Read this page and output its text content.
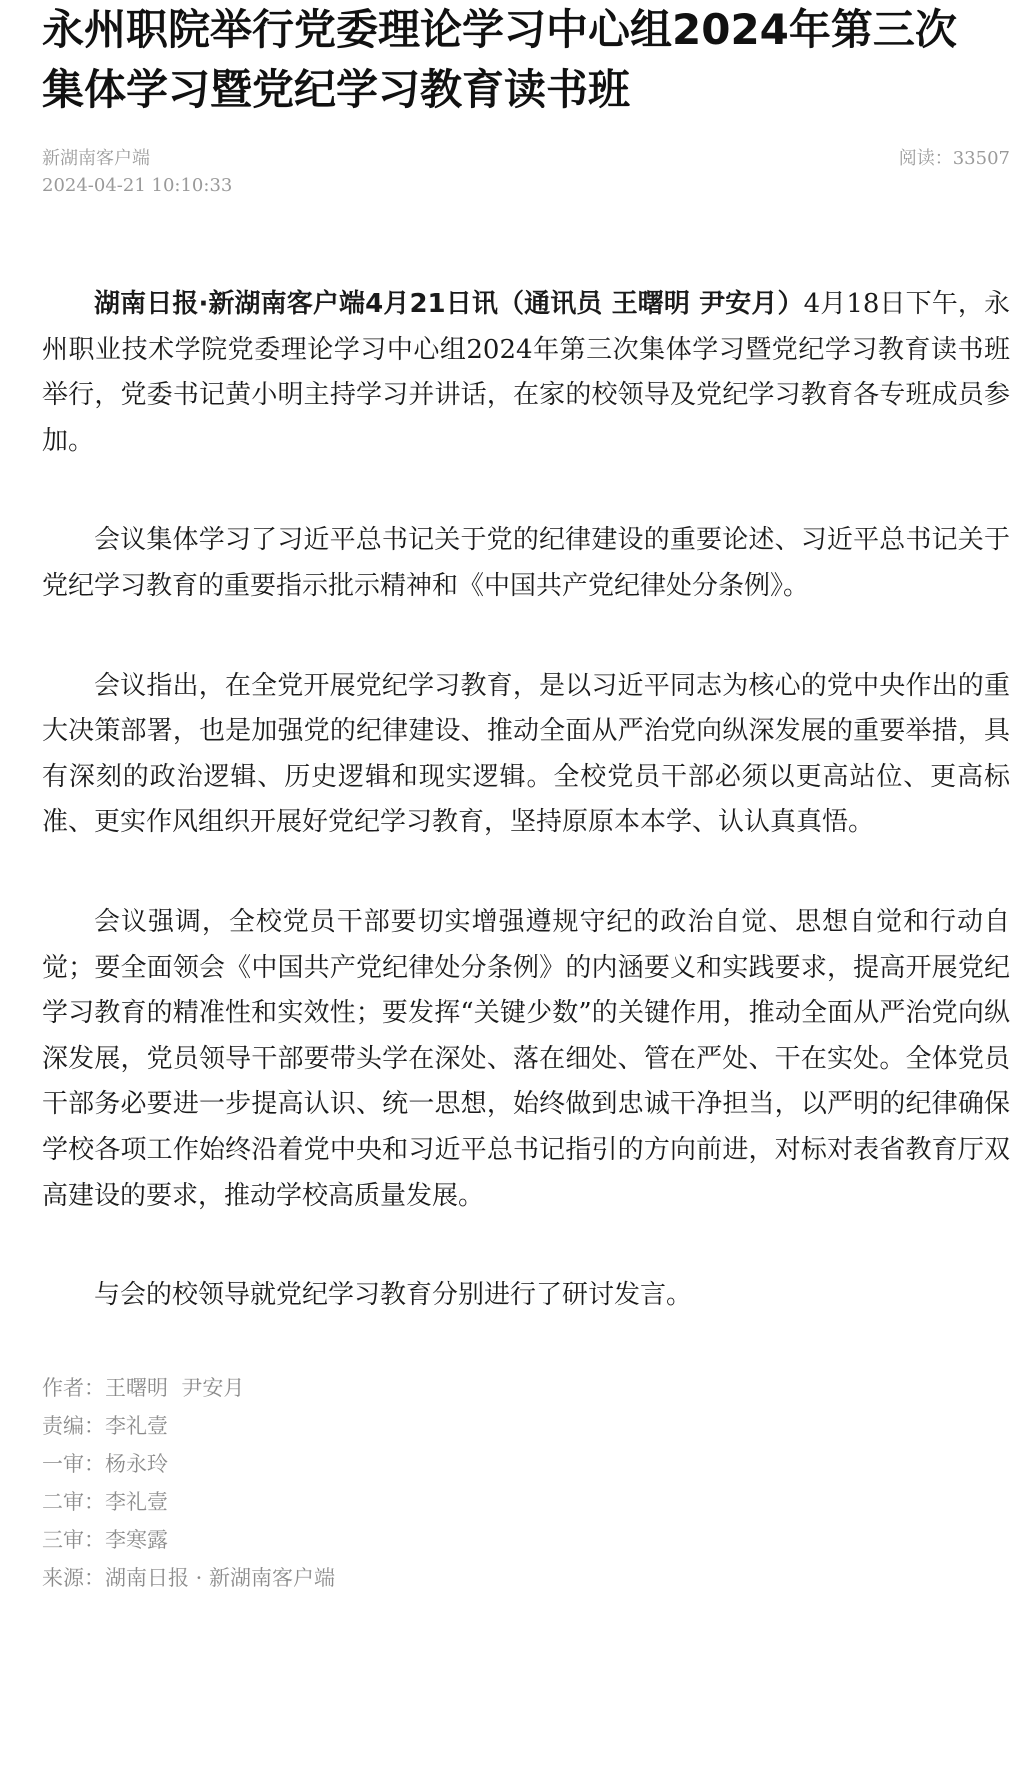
永州职院举行党委理论学习中心组2024年第三次
集体学习暨党纪学习教育读书班
新湖南客户端
2024-04-21 10:10:33
阅读：33507

湖南日报·新湖南客户端4月21日讯（通讯员 王曙明 尹安月）4月18日下午，永州职业技术学院党委理论学习中心组2024年第三次集体学习暨党纪学习教育读书班举行，党委书记黄小明主持学习并讲话，在家的校领导及党纪学习教育各专班成员参加。

会议集体学习了习近平总书记关于党的纪律建设的重要论述、习近平总书记关于党纪学习教育的重要指示批示精神和《中国共产党纪律处分条例》。

会议指出，在全党开展党纪学习教育，是以习近平同志为核心的党中央作出的重大决策部署，也是加强党的纪律建设、推动全面从严治党向纵深发展的重要举措，具有深刻的政治逻辑、历史逻辑和现实逻辑。全校党员干部必须以更高站位、更高标准、更实作风组织开展好党纪学习教育，坚持原原本本学、认认真真悟。

会议强调，全校党员干部要切实增强遵规守纪的政治自觉、思想自觉和行动自觉；要全面领会《中国共产党纪律处分条例》的内涵要义和实践要求，提高开展党纪学习教育的精准性和实效性；要发挥“关键少数”的关键作用，推动全面从严治党向纵深发展，党员领导干部要带头学在深处、落在细处、管在严处、干在实处。全体党员干部务必要进一步提高认识、统一思想，始终做到忠诚干净担当，以严明的纪律确保学校各项工作始终沿着党中央和习近平总书记指引的方向前进，对标对表省教育厅双高建设的要求，推动学校高质量发展。

与会的校领导就党纪学习教育分别进行了研讨发言。

作者：王曙明  尹安月
责编：李礼壹
一审：杨永玲
二审：李礼壹
三审：李寒露
来源：湖南日报 · 新湖南客户端
